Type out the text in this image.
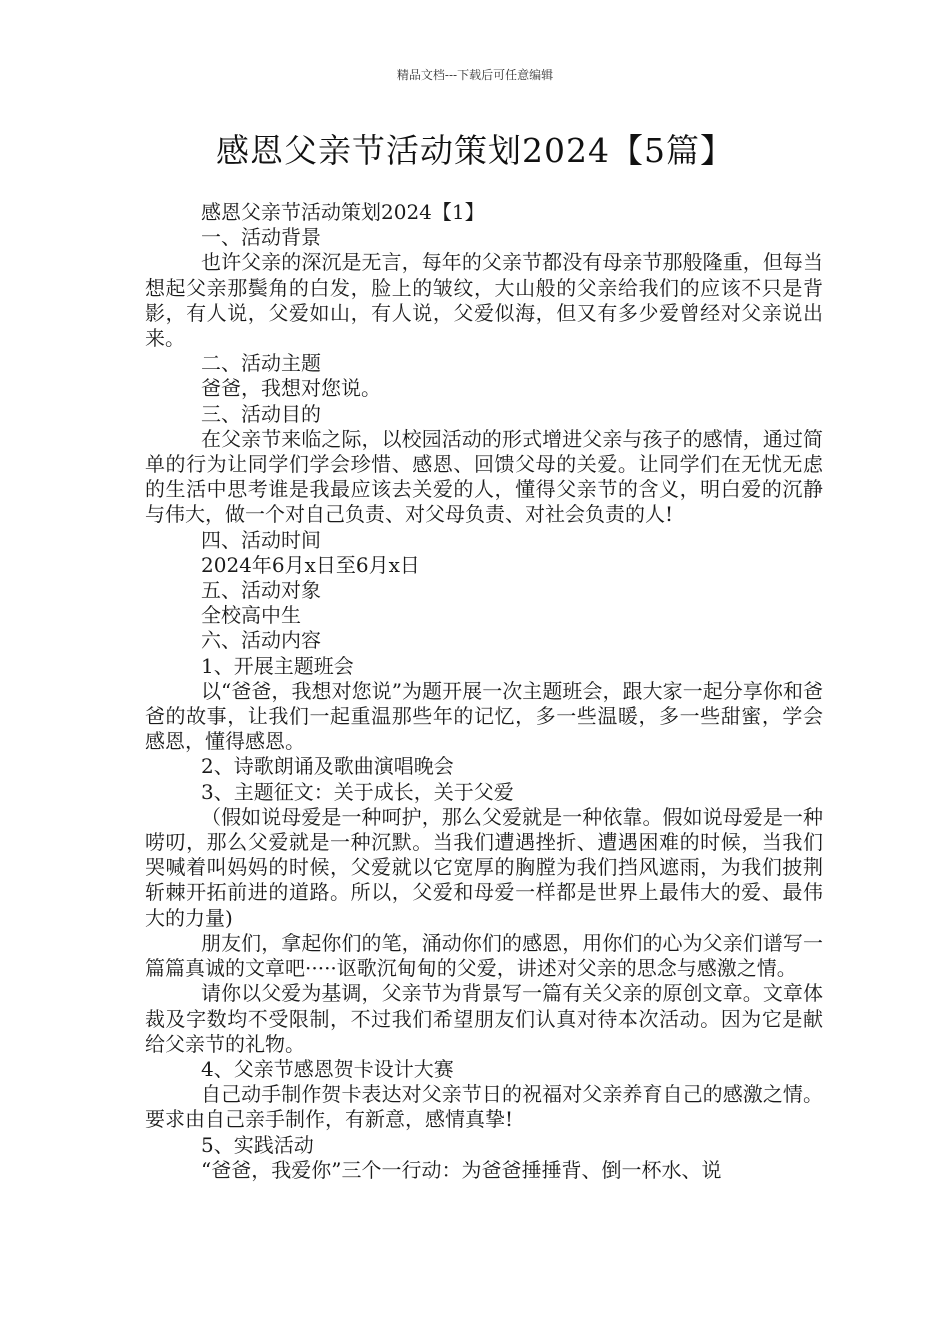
精品文档---下载后可任意编辑
感恩父亲节活动策划2024【5篇】

感恩父亲节活动策划2024【1】

一、活动背景

也许父亲的深沉是无言，每年的父亲节都没有母亲节那般隆重，但每当想起父亲那鬓角的白发，脸上的皱纹，大山般的父亲给我们的应该不只是背影，有人说，父爱如山，有人说，父爱似海，但又有多少爱曾经对父亲说出来。

二、活动主题

爸爸，我想对您说。

三、活动目的

在父亲节来临之际，以校园活动的形式增进父亲与孩子的感情，通过简单的行为让同学们学会珍惜、感恩、回馈父母的关爱。让同学们在无忧无虑的生活中思考谁是我最应该去关爱的人，懂得父亲节的含义，明白爱的沉静与伟大，做一个对自己负责、对父母负责、对社会负责的人!

四、活动时间

2024年6月x日至6月x日

五、活动对象

全校高中生

六、活动内容

1、开展主题班会

以“爸爸，我想对您说”为题开展一次主题班会，跟大家一起分享你和爸爸的故事，让我们一起重温那些年的记忆，多一些温暖，多一些甜蜜，学会感恩，懂得感恩。

2、诗歌朗诵及歌曲演唱晚会

3、主题征文：关于成长，关于父爱

（假如说母爱是一种呵护，那么父爱就是一种依靠。假如说母爱是一种唠叨，那么父爱就是一种沉默。当我们遭遇挫折、遭遇困难的时候，当我们哭喊着叫妈妈的时候，父爱就以它宽厚的胸膛为我们挡风遮雨，为我们披荆斩棘开拓前进的道路。所以，父爱和母爱一样都是世界上最伟大的爱、最伟大的力量)

朋友们，拿起你们的笔，涌动你们的感恩，用你们的心为父亲们谱写一篇篇真诚的文章吧·····讴歌沉甸甸的父爱，讲述对父亲的思念与感激之情。

请你以父爱为基调，父亲节为背景写一篇有关父亲的原创文章。文章体裁及字数均不受限制，不过我们希望朋友们认真对待本次活动。因为它是献给父亲节的礼物。

4、父亲节感恩贺卡设计大赛

自己动手制作贺卡表达对父亲节日的祝福对父亲养育自己的感激之情。要求由自己亲手制作，有新意，感情真挚!

5、实践活动

“爸爸，我爱你”三个一行动：为爸爸捶捶背、倒一杯水、说
